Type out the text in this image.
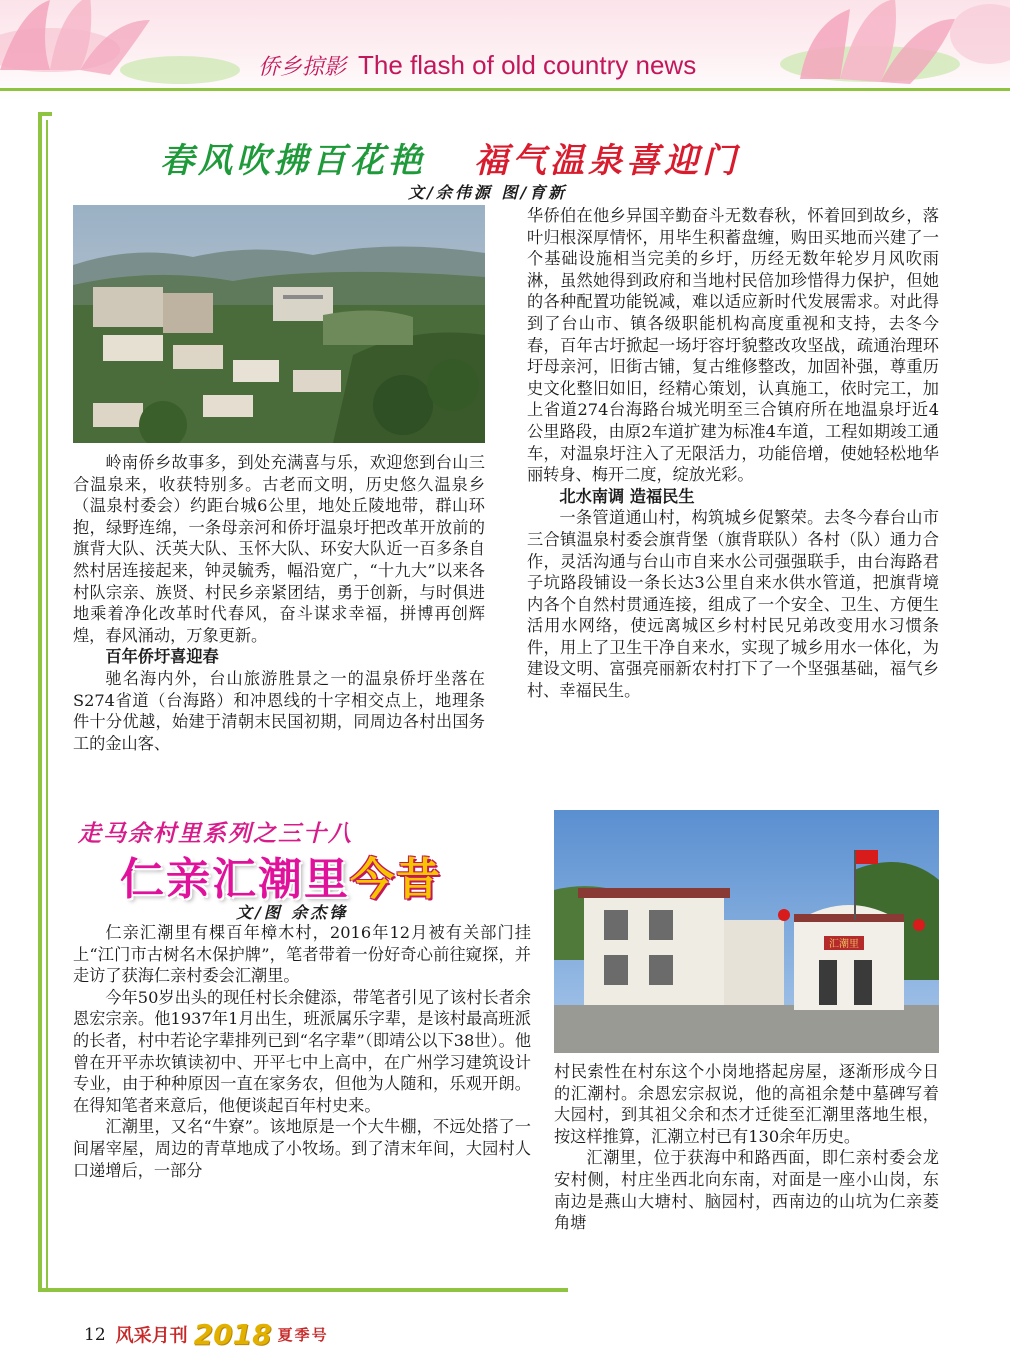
侨乡掠影 The flash of old country news
春风吹拂百花艳 福气温泉喜迎门
文/余伟源 图/育新

岭南侨乡故事多，到处充满喜与乐，欢迎您到台山三合温泉来，收获特别多。古老而文明，历史悠久温泉乡（温泉村委会）约距台城6公里，地处丘陵地带，群山环抱，绿野连绵，一条母亲河和侨圩温泉圩把改革开放前的旗背大队、沃英大队、玉怀大队、环安大队近一百多条自然村居连接起来，钟灵毓秀，幅沿宽广，“十九大”以来各村队宗亲、族贤、村民乡亲紧团结，勇于创新，与时俱进地乘着净化改革时代春风，奋斗谋求幸福，拼博再创辉煌，春风涌动，万象更新。

百年侨圩喜迎春

驰名海内外，台山旅游胜景之一的温泉侨圩坐落在S274省道（台海路）和冲恩线的十字相交点上，地理条件十分优越，始建于清朝末民国初期，同周边各村出国务工的金山客、

华侨伯在他乡异国辛勤奋斗无数春秋，怀着回到故乡，落叶归根深厚情怀，用毕生积蓄盘缠，购田买地而兴建了一个基础设施相当完美的乡圩，历经无数年轮岁月风吹雨淋，虽然她得到政府和当地村民倍加珍惜得力保护，但她的各种配置功能锐减，难以适应新时代发展需求。对此得到了台山市、镇各级职能机构高度重视和支持，去冬今春，百年古圩掀起一场圩容圩貌整改攻坚战，疏通治理环圩母亲河，旧街古铺，复古维修整改，加固补强，尊重历史文化整旧如旧，经精心策划，认真施工，依时完工，加上省道274台海路台城光明至三合镇府所在地温泉圩近4公里路段，由原2车道扩建为标准4车道，工程如期竣工通车，对温泉圩注入了无限活力，功能倍增，使她轻松地华丽转身、梅开二度，绽放光彩。

北水南调 造福民生

一条管道通山村，构筑城乡促繁荣。去冬今春台山市三合镇温泉村委会旗背堡（旗背联队）各村（队）通力合作，灵活沟通与台山市自来水公司强强联手，由台海路君子坑路段铺设一条长达3公里自来水供水管道，把旗背境内各个自然村贯通连接，组成了一个安全、卫生、方便生活用水网络，使远离城区乡村村民兄弟改变用水习惯条件，用上了卫生干净自来水，实现了城乡用水一体化，为建设文明、富强亮丽新农村打下了一个坚强基础，福气乡村、幸福民生。

走马余村里系列之三十八
仁亲汇潮里今昔
文/图 余杰锋

仁亲汇潮里有棵百年樟木村，2016年12月被有关部门挂上“江门市古树名木保护牌”，笔者带着一份好奇心前往窥探，并走访了获海仁亲村委会汇潮里。

今年50岁出头的现任村长余健添，带笔者引见了该村长者余恩宏宗亲。他1937年1月出生，班派属乐字辈，是该村最高班派的长者，村中若论字辈排列已到“名字辈”（即靖公以下38世）。他曾在开平赤坎镇读初中、开平七中上高中，在广州学习建筑设计专业，由于种种原因一直在家务农，但他为人随和，乐观开朗。在得知笔者来意后，他便谈起百年村史来。

汇潮里，又名“牛寮”。该地原是一个大牛棚，不远处搭了一间屠宰屋，周边的青草地成了小牧场。到了清末年间，大园村人口递增后，一部分

汇潮里

村民索性在村东这个小岗地搭起房屋，逐渐形成今日的汇潮村。余恩宏宗叔说，他的高祖余楚中墓碑写着大园村，到其祖父余和杰才迁徙至汇潮里落地生根，按这样推算，汇潮立村已有130余年历史。

汇潮里，位于获海中和路西面，即仁亲村委会龙安村侧，村庄坐西北向东南，对面是一座小山岗，东南边是燕山大塘村、脑园村，西南边的山坑为仁亲菱角塘

12 风采月刊 2018 夏季号
